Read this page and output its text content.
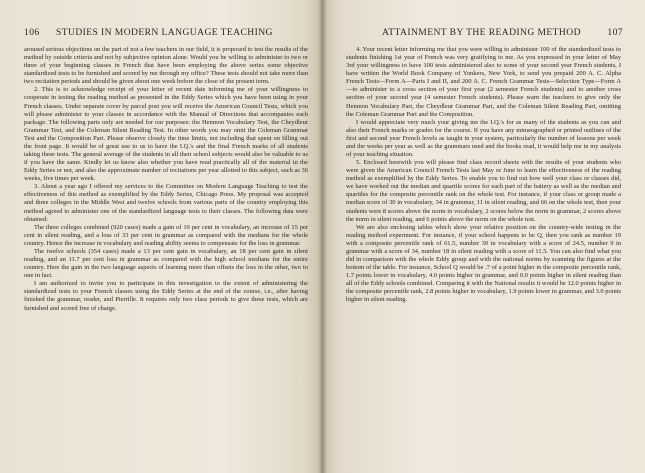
106 STUDIES IN MODERN LANGUAGE TEACHING

aroused serious objections on the part of not a few teachers in our field, it is proposed to test the results of the method by outside criteria and not by subjective opinion alone. Would you be willing to administer to two or three of your beginning classes in French that have been employing the above series some objective standardized tests to be furnished and scored by me through my office? These tests should not take more than two recitation periods and should be given about one week before the close of the present term.

2. This is to acknowledge receipt of your letter of recent date informing me of your willingness to cooperate in testing the reading method as presented in the Eddy Series which you have been using in your French classes. Under separate cover by parcel post you will receive the American Council Tests, which you will please administer to your classes in accordance with the Manual of Directions that accompanies each package. The following parts only are needed for our purposes: the Henmon Vocabulary Test, the Cheydleur Grammar Test, and the Coleman Silent Reading Test. In other words you may omit the Coleman Grammar Test and the Composition Part. Please observe closely the time limits, not including that spent on filling out the front page. It would be of great use to us to have the I.Q.'s and the final French marks of all students taking these tests. The general average of the students in all their school subjects would also be valuable to us if you have the same. Kindly let us know also whether you have read practically all of the material in the Eddy Series or not, and also the approximate number of recitations per year allotted to this subject, such as 36 weeks, five times per week.

3. About a year ago I offered my services to the Committee on Modern Language Teaching to test the effectiveness of this method as exemplified by the Eddy Series, Chicago Press. My proposal was accepted and three colleges in the Middle West and twelve schools from various parts of the country employing this method agreed to administer one of the standardized language tests to their classes. The following data were obtained:

The three colleges combined (920 cases) made a gain of 19 per cent in vocabulary, an increase of 15 per cent in silent reading, and a loss of 33 per cent in grammar as compared with the medians for the whole country. Hence the increase in vocabulary and reading ability seems to compensate for the loss in grammar.

The twelve schools (354 cases) made a 13 per cent gain in vocabulary, an 18 per cent gain in silent reading, and an 11.7 per cent loss in grammar as compared with the high school medians for the entire country. Here the gain in the two language aspects of learning more than offsets the loss in the other, two to one in fact.

I am authorized to invite you to participate in this investigation to the extent of administering the standardized tests to your French classes using the Eddy Series at the end of the course, i.e., after having finished the grammar, reader, and Pierrille. It requires only two class periods to give these tests, which are furnished and scored free of charge.

ATTAINMENT BY THE READING METHOD	107

4. Your recent letter informing me that you were willing to administer 100 of the standardized tests to students finishing 1st year of French was very gratifying to me. As you expressed in your letter of May 3rd your willingness to have 100 tests administered also to some of your second year French students, I have written the World Book Company of Yonkers, New York, to send you prepaid 200 A. C. Alpha French Tests—Form A—Parts I and II, and 200 A. C. French Grammar Tests—Selection Type—Form A—to administer to a cross section of your first year (2 semester French students) and to another cross section of your second year (4 semester French students). Please warn the teachers to give only the Henmon Vocabulary Part, the Cheydleur Grammar Part, and the Coleman Silent Reading Part, omitting the Coleman Grammar Part and the Composition.

I would appreciate very much your giving me the I.Q.'s for as many of the students as you can and also their French marks or grades for the course. If you have any mimeographed or printed outlines of the first and second year French levels as taught in your system, particularly the number of lessons per week and the weeks per year as well as the grammars used and the books read, it would help me in my analysis of your teaching situation.

5. Enclosed herewith you will please find class record sheets with the results of your students who were given the American Council French Tests last May or June to learn the effectiveness of the reading method as exemplified by the Eddy Series. To enable you to find out how well your class or classes did, we have worked out the median and quartile scores for each part of the battery as well as the median and quartiles for the composite percentile rank on the whole test. For instance, if your class or group made a median score of 30 in vocabulary, 34 in grammar, 11 in silent reading, and 66 on the whole test, then your students were 8 scores above the norm in vocabulary, 2 scores below the norm in grammar, 2 scores above the norm in silent reading, and 6 points above the norm on the whole test.

We are also enclosing tables which show your relative position on the country-wide testing in the reading method experiment. For instance, if your school happens to be Q, then you rank as number 19 with a composite percentile rank of 61.5, number 30 in vocabulary with a score of 24.5, number 9 in grammar with a score of 34, number 18 in silent reading with a score of 11.5. You can also find what you did in comparison with the whole Eddy group and with the national norms by scanning the figures at the bottom of the table. For instance, School Q would be .7 of a point higher in the composite percentile rank, 1.7 points lower in vocabulary, 4.0 points higher in grammar, and 0.0 points higher in silent reading than all of the Eddy schools combined. Comparing it with the National results it would be 12.0 points higher in the composite percentile rank, 2.8 points higher in vocabulary, 1.9 points lower in grammar, and 3.0 points higher in silent reading.
